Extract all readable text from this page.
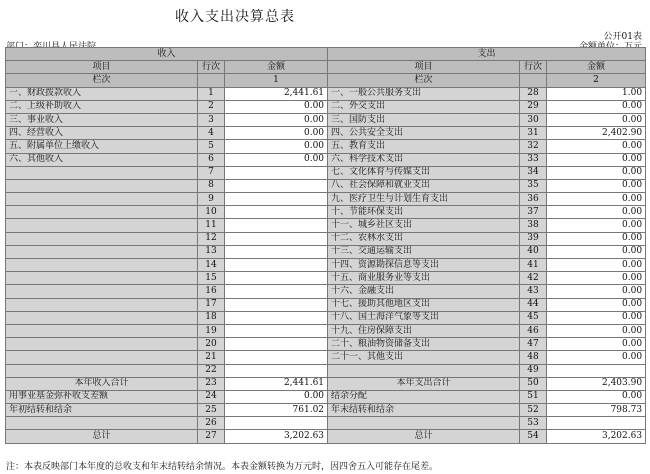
收入支出决算总表
公开01表
收入			支出		
项目	行次	金额	项目	行次	金额
栏次		1	栏次		2
一、财政拨款收入	1	2,441.61	一、一般公共服务支出	28	1.00
二、上级补助收入	2	0.00	二、外交支出	29	0.00
三、事业收入	3	0.00	三、国防支出	30	0.00
四、经营收入	4	0.00	四、公共安全支出	31	2,402.90
五、附属单位上缴收入	5	0.00	五、教育支出	32	0.00
六、其他收入	6	0.00	六、科学技术支出	33	0.00
	7		七、文化体育与传媒支出	34	0.00
	8		八、社会保障和就业支出	35	0.00
	9		九、医疗卫生与计划生育支出	36	0.00
	10		十、节能环保支出	37	0.00
	11		十一、城乡社区支出	38	0.00
	12		十二、农林水支出	39	0.00
	13		十三、交通运输支出	40	0.00
	14		十四、资源勘探信息等支出	41	0.00
	15		十五、商业服务业等支出	42	0.00
	16		十六、金融支出	43	0.00
	17		十七、援助其他地区支出	44	0.00
	18		十八、国土海洋气象等支出	45	0.00
	19		十九、住房保障支出	46	0.00
	20		二十、粮油物资储备支出	47	0.00
	21		二十一、其他支出	48	0.00
	22			49	
本年收入合计	23	2,441.61	本年支出合计	50	2,403.90
用事业基金弥补收支差额	24	0.00	结余分配	51	0.00
年初结转和结余	25	761.02	年末结转和结余	52	798.73
	26			53	
总计	27	3,202.63	总计	54	3,202.63
注：本表反映部门本年度的总收支和年末结转结余情况。本表金额转换为万元时，因四舍五入可能存在尾差。
